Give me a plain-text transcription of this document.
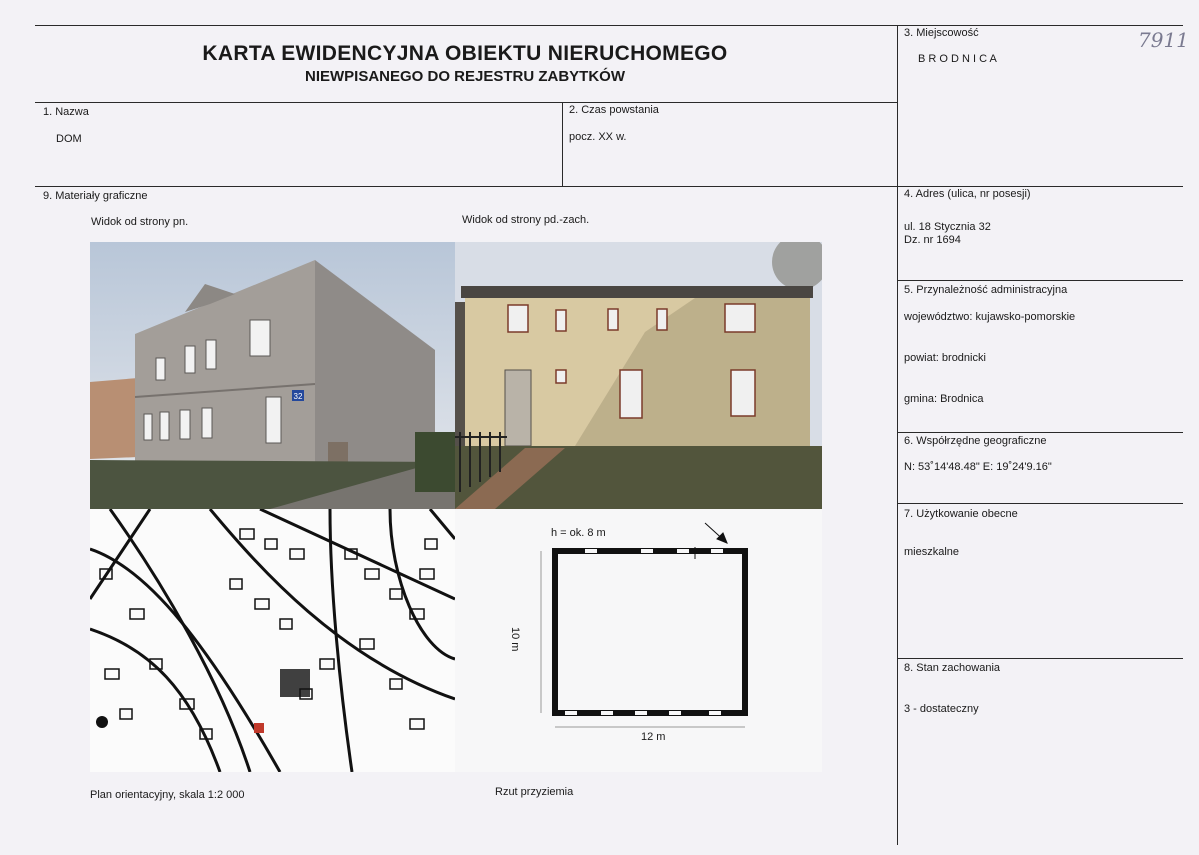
KARTA EWIDENCYJNA OBIEKTU NIERUCHOMEGO
NIEWPISANEGO DO REJESTRU ZABYTKÓW
7911
1. Nazwa
DOM
2. Czas powstania
pocz. XX w.
3. Miejscowość
B R O D N I C A
4. Adres (ulica, nr posesji)
ul. 18 Stycznia 32
Dz. nr 1694
5. Przynależność administracyjna
województwo: kujawsko-pomorskie
powiat: brodnicki
gmina: Brodnica
6. Współrzędne geograficzne
N: 53˚14'48.48" E: 19˚24'9.16"
7. Użytkowanie obecne
mieszkalne
8. Stan zachowania
3 - dostateczny
9. Materiały graficzne
Widok od strony pn.	Widok od strony pd.-zach.
Plan orientacyjny, skala 1:2 000	Rzut przyziemia
32
h = ok. 8 m
12 m
10 m
